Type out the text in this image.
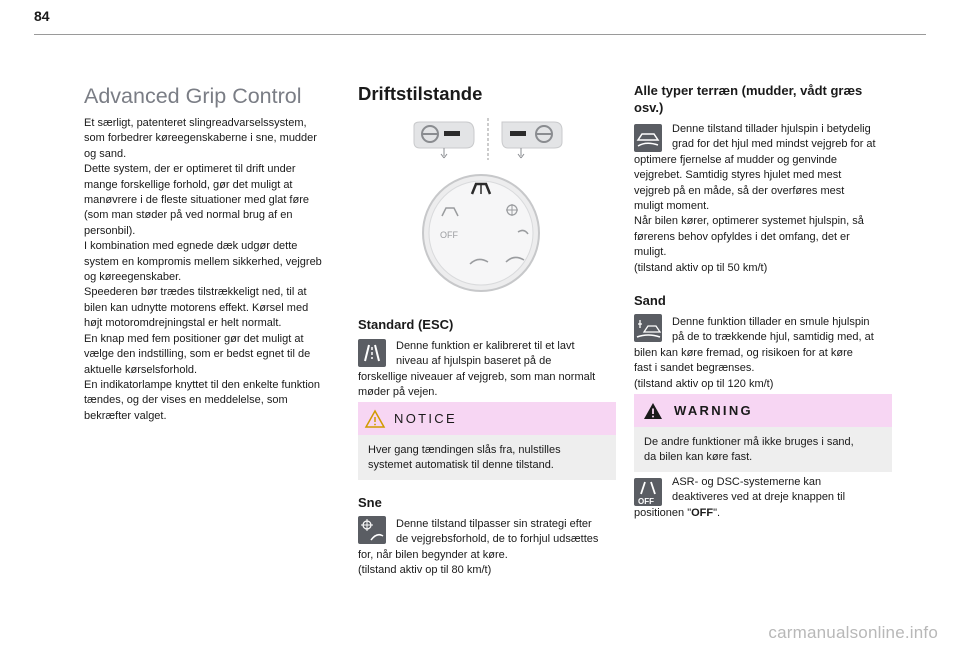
84
Advanced Grip Control
Et særligt, patenteret slingreadvarselssystem,
som forbedrer køreegenskaberne i sne, mudder
og sand.
Dette system, der er optimeret til drift under
mange forskellige forhold, gør det muligt at
manøvrere i de fleste situationer med glat føre
(som man støder på ved normal brug af en
personbil).
I kombination med egnede dæk udgør dette
system en kompromis mellem sikkerhed, vejgreb
og køreegenskaber.
Speederen bør trædes tilstrækkeligt ned, til at
bilen kan udnytte motorens effekt. Kørsel med
højt motoromdrejningstal er helt normalt.
En knap med fem positioner gør det muligt at
vælge den indstilling, som er bedst egnet til de
aktuelle kørselsforhold.
En indikatorlampe knyttet til den enkelte funktion
tændes, og der vises en meddelelse, som
bekræfter valget.
Driftstilstande
OFF
Standard (ESC)
Denne funktion er kalibreret til et lavt
niveau af hjulspin baseret på de
forskellige niveauer af vejgreb, som man normalt
møder på vejen.
NOTICE
Hver gang tændingen slås fra, nulstilles
systemet automatisk til denne tilstand.
Sne
Denne tilstand tilpasser sin strategi efter
de vejgrebsforhold, de to forhjul udsættes
for, når bilen begynder at køre.
(tilstand aktiv op til 80 km/t)
Alle typer terræn (mudder, vådt græs
osv.)
Denne tilstand tillader hjulspin i betydelig
grad for det hjul med mindst vejgreb for at
optimere fjernelse af mudder og genvinde
vejgrebet. Samtidig styres hjulet med mest
vejgreb på en måde, så der overføres mest
muligt moment.
Når bilen kører, optimerer systemet hjulspin, så
førerens behov opfyldes i det omfang, det er
muligt.
(tilstand aktiv op til 50 km/t)
Sand
Denne funktion tillader en smule hjulspin
på de to trækkende hjul, samtidig med, at
bilen kan køre fremad, og risikoen for at køre
fast i sandet begrænses.
(tilstand aktiv op til 120 km/t)
WARNING
De andre funktioner må ikke bruges i sand,
da bilen kan køre fast.
OFF
ASR- og DSC-systemerne kan
deaktiveres ved at dreje knappen til
positionen "OFF".
carmanualsonline.info
